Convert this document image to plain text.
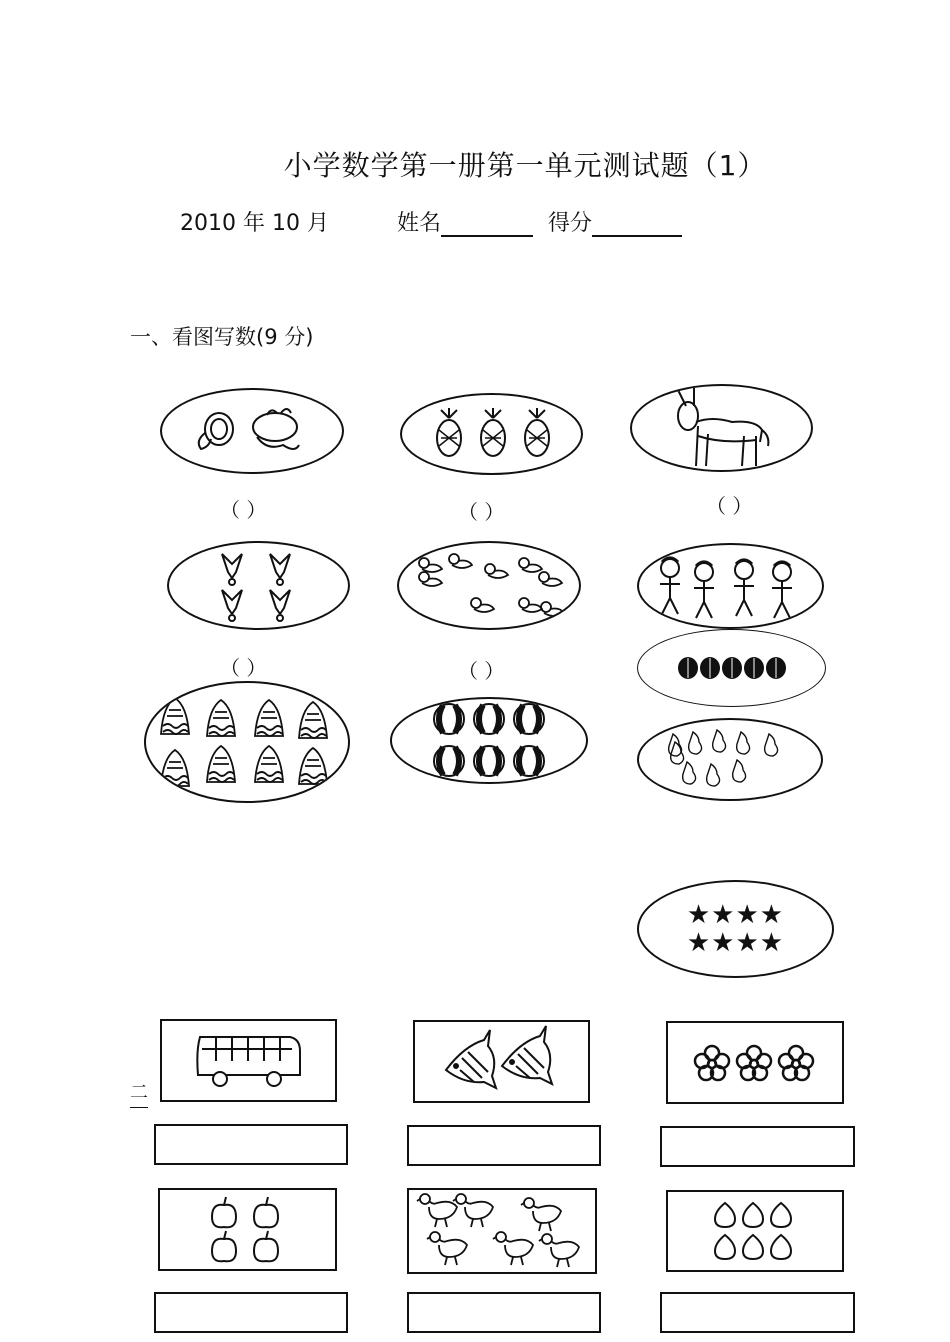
小学数学第一册第一单元测试题（1）
2010 年 10 月	姓名	得分
一、看图写数(9 分)
（ ）	（ ）	（ ）
（ ）	（ ）
★★★★
★★★★
二
